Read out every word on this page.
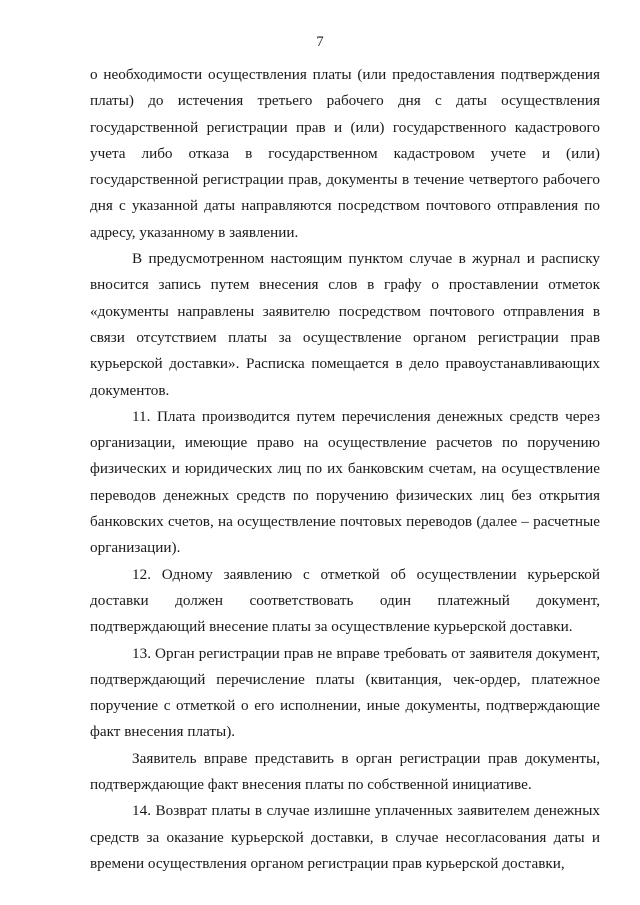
7

о необходимости осуществления платы (или предоставления подтверждения платы) до истечения третьего рабочего дня с даты осуществления государственной регистрации прав и (или) государственного кадастрового учета либо отказа в государственном кадастровом учете и (или) государственной регистрации прав, документы в течение четвертого рабочего дня с указанной даты направляются посредством почтового отправления по адресу, указанному в заявлении.

В предусмотренном настоящим пунктом случае в журнал и расписку вносится запись путем внесения слов в графу о проставлении отметок «документы направлены заявителю посредством почтового отправления в связи отсутствием платы за осуществление органом регистрации прав курьерской доставки». Расписка помещается в дело правоустанавливающих документов.

11. Плата производится путем перечисления денежных средств через организации, имеющие право на осуществление расчетов по поручению физических и юридических лиц по их банковским счетам, на осуществление переводов денежных средств по поручению физических лиц без открытия банковских счетов, на осуществление почтовых переводов (далее – расчетные организации).

12. Одному заявлению с отметкой об осуществлении курьерской доставки должен соответствовать один платежный документ, подтверждающий внесение платы за осуществление курьерской доставки.

13. Орган регистрации прав не вправе требовать от заявителя документ, подтверждающий перечисление платы (квитанция, чек-ордер, платежное поручение с отметкой о его исполнении, иные документы, подтверждающие факт внесения платы).

Заявитель вправе представить в орган регистрации прав документы, подтверждающие факт внесения платы по собственной инициативе.

14. Возврат платы в случае излишне уплаченных заявителем денежных средств за оказание курьерской доставки, в случае несогласования даты и времени осуществления органом регистрации прав курьерской доставки,
